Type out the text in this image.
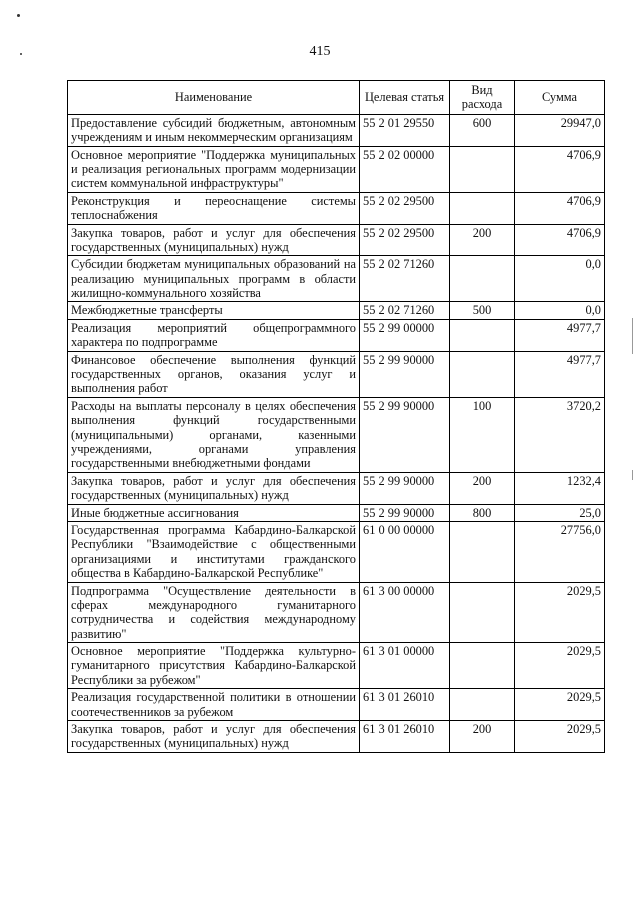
415
Наименование	Целевая статья	Вид расхода	Сумма
Предоставление субсидий бюджетным, автономным учреждениям и иным некоммерческим организациям	55 2 01 29550	600	29947,0
Основное мероприятие "Поддержка муниципальных и реализация региональных программ модернизации систем коммунальной инфраструктуры"	55 2 02 00000		4706,9
Реконструкция и переоснащение системы теплоснабжения	55 2 02 29500		4706,9
Закупка товаров, работ и услуг для обеспечения государственных (муниципальных) нужд	55 2 02 29500	200	4706,9
Субсидии бюджетам муниципальных образований на реализацию муниципальных программ в области жилищно-коммунального хозяйства	55 2 02 71260		0,0
Межбюджетные трансферты	55 2 02 71260	500	0,0
Реализация мероприятий общепрограммного характера по подпрограмме	55 2 99 00000		4977,7
Финансовое обеспечение выполнения функций государственных органов, оказания услуг и выполнения работ	55 2 99 90000		4977,7
Расходы на выплаты персоналу в целях обеспечения выполнения функций государственными (муниципальными) органами, казенными учреждениями, органами управления государственными внебюджетными фондами	55 2 99 90000	100	3720,2
Закупка товаров, работ и услуг для обеспечения государственных (муниципальных) нужд	55 2 99 90000	200	1232,4
Иные бюджетные ассигнования	55 2 99 90000	800	25,0
Государственная программа Кабардино-Балкарской Республики "Взаимодействие с общественными организациями и институтами гражданского общества в Кабардино-Балкарской Республике"	61 0 00 00000		27756,0
Подпрограмма "Осуществление деятельности в сферах международного гуманитарного сотрудничества и содействия международному развитию"	61 3 00 00000		2029,5
Основное мероприятие "Поддержка культурно-гуманитарного присутствия Кабардино-Балкарской Республики за рубежом"	61 3 01 00000		2029,5
Реализация государственной политики в отношении соотечественников за рубежом	61 3 01 26010		2029,5
Закупка товаров, работ и услуг для обеспечения государственных (муниципальных) нужд	61 3 01 26010	200	2029,5
